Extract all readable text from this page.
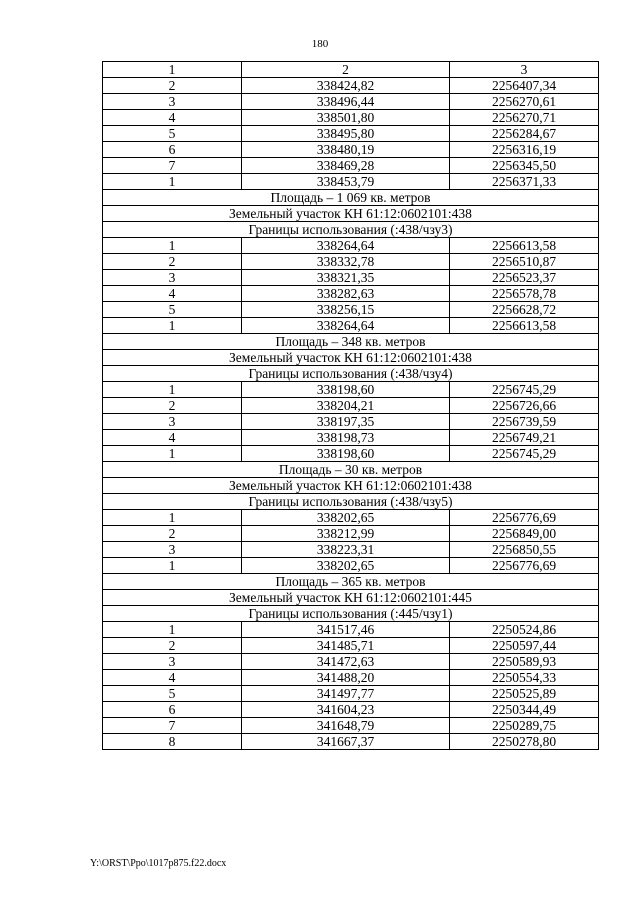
180
1	2	3
2	338424,82	2256407,34
3	338496,44	2256270,61
4	338501,80	2256270,71
5	338495,80	2256284,67
6	338480,19	2256316,19
7	338469,28	2256345,50
1	338453,79	2256371,33
Площадь – 1 069 кв. метров		
Земельный участок КН 61:12:0602101:438		
Границы использования (:438/чзу3)		
1	338264,64	2256613,58
2	338332,78	2256510,87
3	338321,35	2256523,37
4	338282,63	2256578,78
5	338256,15	2256628,72
1	338264,64	2256613,58
Площадь – 348 кв. метров		
Земельный участок КН 61:12:0602101:438		
Границы использования (:438/чзу4)		
1	338198,60	2256745,29
2	338204,21	2256726,66
3	338197,35	2256739,59
4	338198,73	2256749,21
1	338198,60	2256745,29
Площадь – 30 кв. метров		
Земельный участок КН 61:12:0602101:438		
Границы использования (:438/чзу5)		
1	338202,65	2256776,69
2	338212,99	2256849,00
3	338223,31	2256850,55
1	338202,65	2256776,69
Площадь – 365 кв. метров		
Земельный участок КН 61:12:0602101:445		
Границы использования (:445/чзу1)		
1	341517,46	2250524,86
2	341485,71	2250597,44
3	341472,63	2250589,93
4	341488,20	2250554,33
5	341497,77	2250525,89
6	341604,23	2250344,49
7	341648,79	2250289,75
8	341667,37	2250278,80
Y:\ORST\Ppo\1017p875.f22.docx
